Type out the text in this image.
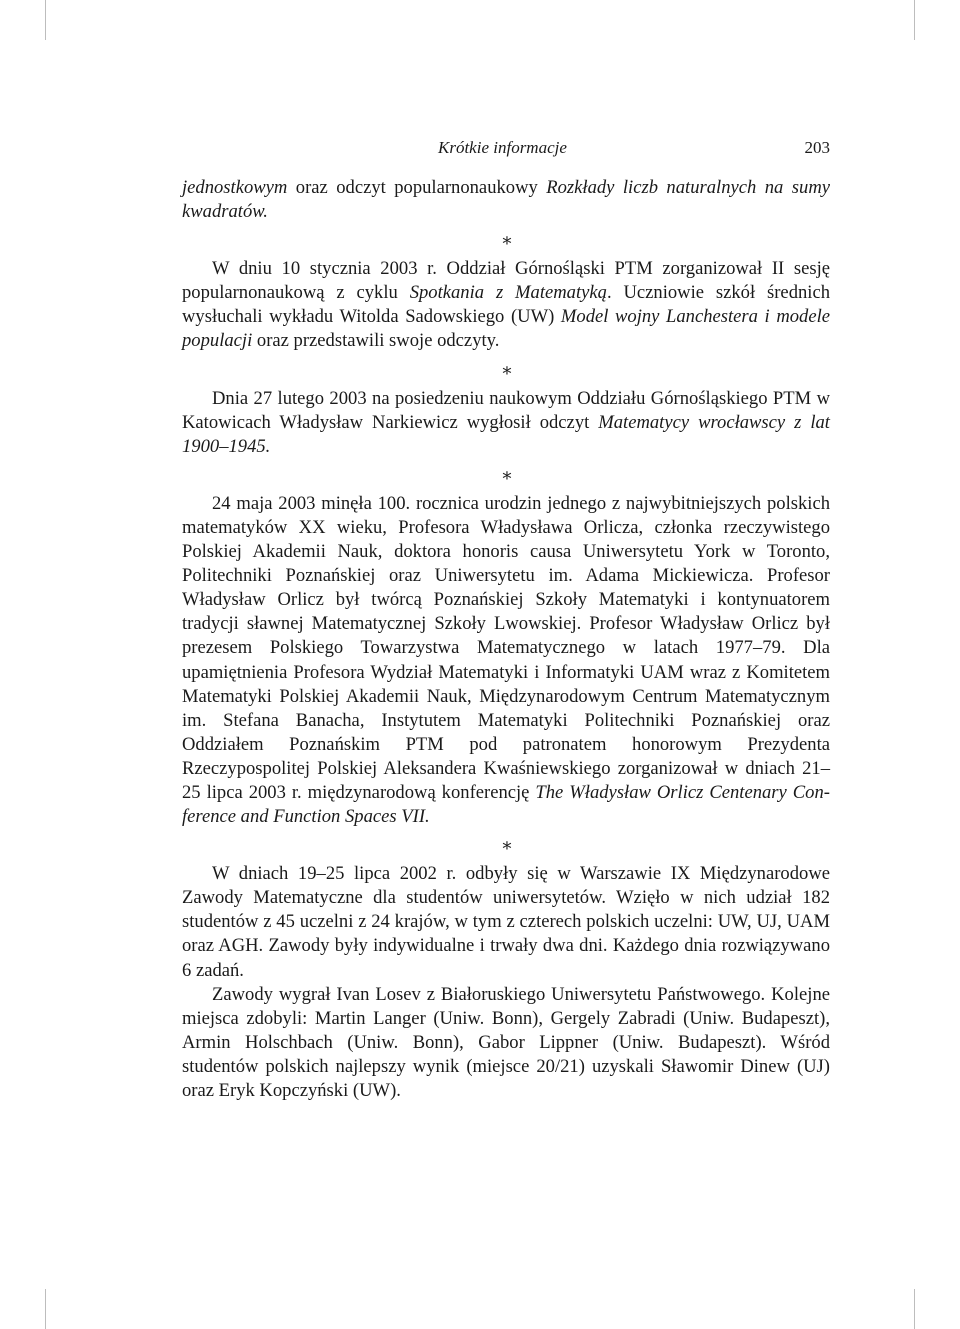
Krótkie informacje	203

jednostkowym oraz odczyt popularnonaukowy Rozkłady liczb naturalnych na sumy kwadratów.

∗

W dniu 10 stycznia 2003 r. Oddział Górnośląski PTM zorganizował II sesję popularnonaukową z cyklu Spotkania z Matematyką. Uczniowie szkół średnich wysłuchali wykładu Witolda Sadowskiego (UW) Model wojny Lanchestera i modele populacji oraz przedstawili swoje odczyty.

∗

Dnia 27 lutego 2003 na posiedzeniu naukowym Oddziału Górnośląskiego PTM w Katowicach Władysław Narkiewicz wygłosił odczyt Matematycy wrocławscy z lat 1900–1945.

∗

24 maja 2003 minęła 100. rocznica urodzin jednego z najwybitniejszych polskich matematyków XX wieku, Profesora Władysława Orlicza, członka rzeczywistego Polskiej Akademii Nauk, doktora honoris causa Uniwersytetu York w Toronto, Politechniki Poznańskiej oraz Uniwersytetu im. Adama Mickiewicza. Profesor Władysław Orlicz był twórcą Poznańskiej Szkoły Matematyki i kontynuatorem tradycji sławnej Matematycznej Szkoły Lwowskiej. Profesor Władysław Orlicz był prezesem Polskiego Towarzystwa Matematycznego w latach 1977–79. Dla upamiętnienia Profesora Wydział Matematyki i Informatyki UAM wraz z Komitetem Matematyki Polskiej Akademii Nauk, Międzynarodowym Centrum Matematycznym im. Stefana Banacha, Instytutem Matematyki Politechniki Poznańskiej oraz Oddziałem Poznańskim PTM pod patronatem honorowym Prezydenta Rzeczypospolitej Polskiej Aleksandera Kwaśniewskiego zorganizował w dniach 21–25 lipca 2003 r. międzynarodową konferencję The Władysław Orlicz Centenary Conference and Function Spaces VII.

∗

W dniach 19–25 lipca 2002 r. odbyły się w Warszawie IX Międzynarodowe Zawody Matematyczne dla studentów uniwersytetów. Wzięło w nich udział 182 studentów z 45 uczelni z 24 krajów, w tym z czterech polskich uczelni: UW, UJ, UAM oraz AGH. Zawody były indywidualne i trwały dwa dni. Każdego dnia rozwiązywano 6 zadań.

Zawody wygrał Ivan Losev z Białoruskiego Uniwersytetu Państwowego. Kolejne miejsca zdobyli: Martin Langer (Uniw. Bonn), Gergely Zabradi (Uniw. Budapeszt), Armin Holschbach (Uniw. Bonn), Gabor Lippner (Uniw. Budapeszt). Wśród studentów polskich najlepszy wynik (miejsce 20/21) uzyskali Sławomir Dinew (UJ) oraz Eryk Kopczyński (UW).
